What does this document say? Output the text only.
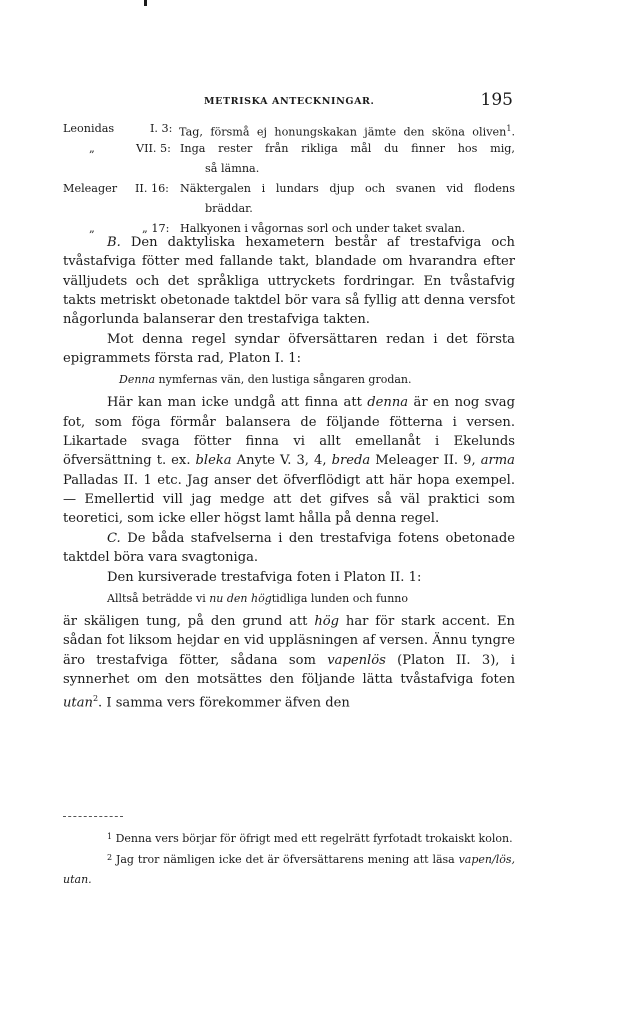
METRISKA ANTECKNINGAR.	195
Leonidas	I. 3: Tag, försmå ej honungskakan jämte den sköna oliven$^1$.
„	VII. 5: Inga rester från rikliga mål du finner hos mig,
så lämna.
Meleager II. 16: Näktergalen i lundars djup och svanen vid flodens
bräddar.
„	„ 17: Halkyonen i vågornas sorl och under taket svalan.

B. Den daktyliska hexametern består af trestafviga och tvåstafviga fötter med fallande takt, blandade om hvarandra efter välljudets och det språkliga uttryckets fordringar. En tvåstafvig takts metriskt obetonade taktdel bör vara så fyllig att denna versfot någorlunda balanserar den trestafviga takten.

Mot denna regel syndar öfversättaren redan i det första epigrammets första rad, Platon I. 1:

Denna nymfernas vän, den lustiga sångaren grodan.

Här kan man icke undgå att finna att denna är en nog svag fot, som föga förmår balansera de följande fötterna i versen. Likartade svaga fötter finna vi allt emellanåt i Ekelunds öfversättning t. ex. bleka Anyte V. 3, 4, breda Meleager II. 9, arma Palladas II. 1 etc. Jag anser det öfverflödigt att här hopa exempel. — Emellertid vill jag medge att det gifves så väl praktici som teoretici, som icke eller högst lamt hålla på denna regel.

C. De båda stafvelserna i den trestafviga fotens obetonade taktdel böra vara svagtoniga.

Den kursiverade trestafviga foten i Platon II. 1:

Alltså beträdde vi nu den högtidliga lunden och funno

är skäligen tung, på den grund att hög har för stark accent. En sådan fot liksom hejdar en vid uppläsningen af versen. Ännu tyngre äro trestafviga fötter, sådana som vapenlös (Platon II. 3), i synnerhet om den motsättes den följande lätta tvåstafviga foten utan$^2$. I samma vers förekommer äfven den

$^1$ Denna vers börjar för öfrigt med ett regelrätt fyrfotadt trokaiskt kolon.

$^2$ Jag tror nämligen icke det är öfversättarens mening att läsa vapen/lös, utan.
